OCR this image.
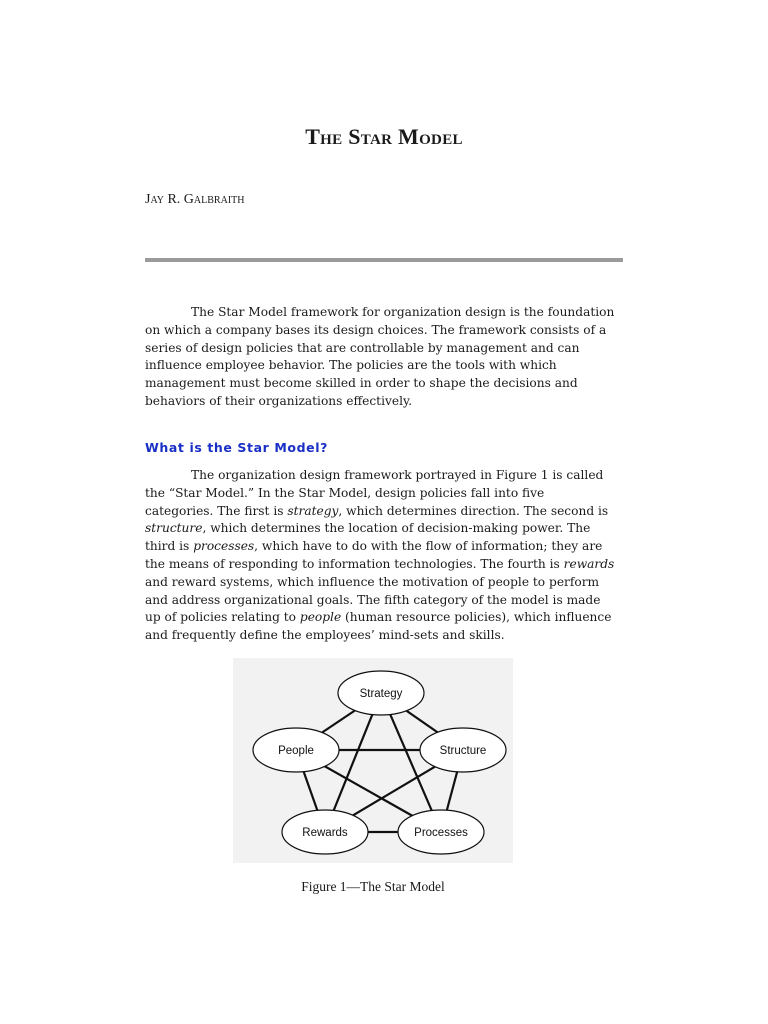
The Star Model
Jay R. Galbraith

The Star Model framework for organization design is the foundation on which a company bases its design choices. The framework consists of a series of design policies that are controllable by management and can influence employee behavior. The policies are the tools with which management must become skilled in order to shape the decisions and behaviors of their organizations effectively.

What is the Star Model?

The organization design framework portrayed in Figure 1 is called the “Star Model.” In the Star Model, design policies fall into five categories. The first is strategy, which determines direction. The second is structure, which determines the location of decision-making power. The third is processes, which have to do with the flow of information; they are the means of responding to information technologies. The fourth is rewards and reward systems, which influence the motivation of people to perform and address organizational goals. The fifth category of the model is made up of policies relating to people (human resource policies), which influence and frequently define the employees’ mind-sets and skills.

Strategy
People	Structure
Rewards	Processes

Figure 1—The Star Model
